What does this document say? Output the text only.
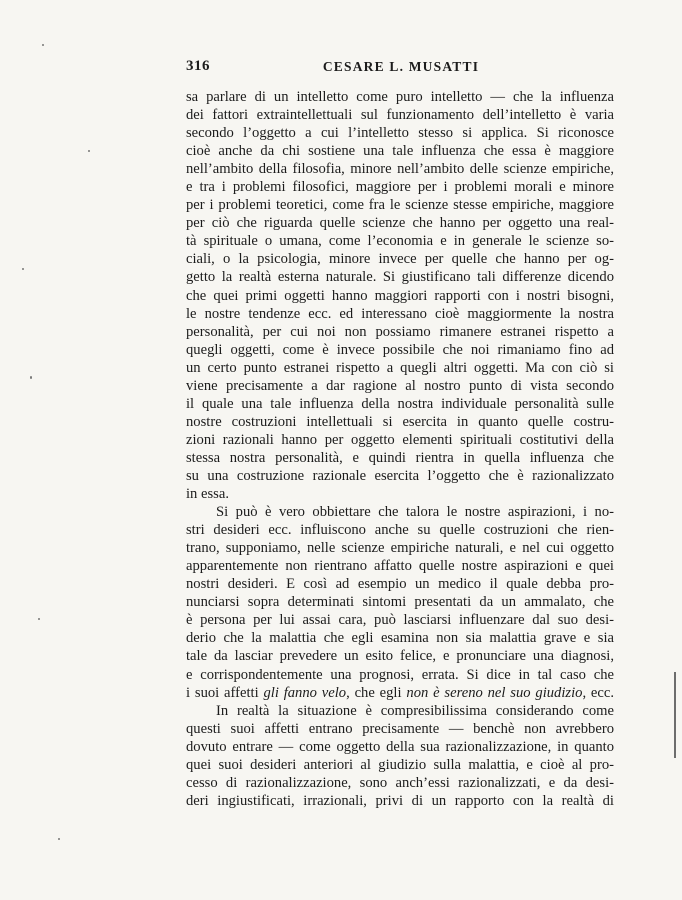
316	CESARE L. MUSATTI
sa parlare di un intelletto come puro intelletto — che la influenza
dei fattori extraintellettuali sul funzionamento dell’intelletto è varia
secondo l’oggetto a cui l’intelletto stesso si applica. Si riconosce
cioè anche da chi sostiene una tale influenza che essa è maggiore
nell’ambito della filosofia, minore nell’ambito delle scienze empiriche,
e tra i problemi filosofici, maggiore per i problemi morali e minore
per i problemi teoretici, come fra le scienze stesse empiriche, maggiore
per ciò che riguarda quelle scienze che hanno per oggetto una real-
tà spirituale o umana, come l’economia e in generale le scienze so-
ciali, o la psicologia, minore invece per quelle che hanno per og-
getto la realtà esterna naturale. Si giustificano tali differenze dicendo
che quei primi oggetti hanno maggiori rapporti con i nostri bisogni,
le nostre tendenze ecc. ed interessano cioè maggiormente la nostra
personalità, per cui noi non possiamo rimanere estranei rispetto a
quegli oggetti, come è invece possibile che noi rimaniamo fino ad
un certo punto estranei rispetto a quegli altri oggetti. Ma con ciò si
viene precisamente a dar ragione al nostro punto di vista secondo
il quale una tale influenza della nostra individuale personalità sulle
nostre costruzioni intellettuali si esercita in quanto quelle costru-
zioni razionali hanno per oggetto elementi spirituali costitutivi della
stessa nostra personalità, e quindi rientra in quella influenza che
su una costruzione razionale esercita l’oggetto che è razionalizzato
in essa.
Si può è vero obbiettare che talora le nostre aspirazioni, i no-
stri desideri ecc. influiscono anche su quelle costruzioni che rien-
trano, supponiamo, nelle scienze empiriche naturali, e nel cui oggetto
apparentemente non rientrano affatto quelle nostre aspirazioni e quei
nostri desideri. E così ad esempio un medico il quale debba pro-
nunciarsi sopra determinati sintomi presentati da un ammalato, che
è persona per lui assai cara, può lasciarsi influenzare dal suo desi-
derio che la malattia che egli esamina non sia malattia grave e sia
tale da lasciar prevedere un esito felice, e pronunciare una diagnosi,
e corrispondentemente una prognosi, errata. Si dice in tal caso che
i suoi affetti gli fanno velo, che egli non è sereno nel suo giudizio, ecc.
In realtà la situazione è compresibilissima considerando come
questi suoi affetti entrano precisamente — benchè non avrebbero
dovuto entrare — come oggetto della sua razionalizzazione, in quanto
quei suoi desideri anteriori al giudizio sulla malattia, e cioè al pro-
cesso di razionalizzazione, sono anch’essi razionalizzati, e da desi-
deri ingiustificati, irrazionali, privi di un rapporto con la realtà di
